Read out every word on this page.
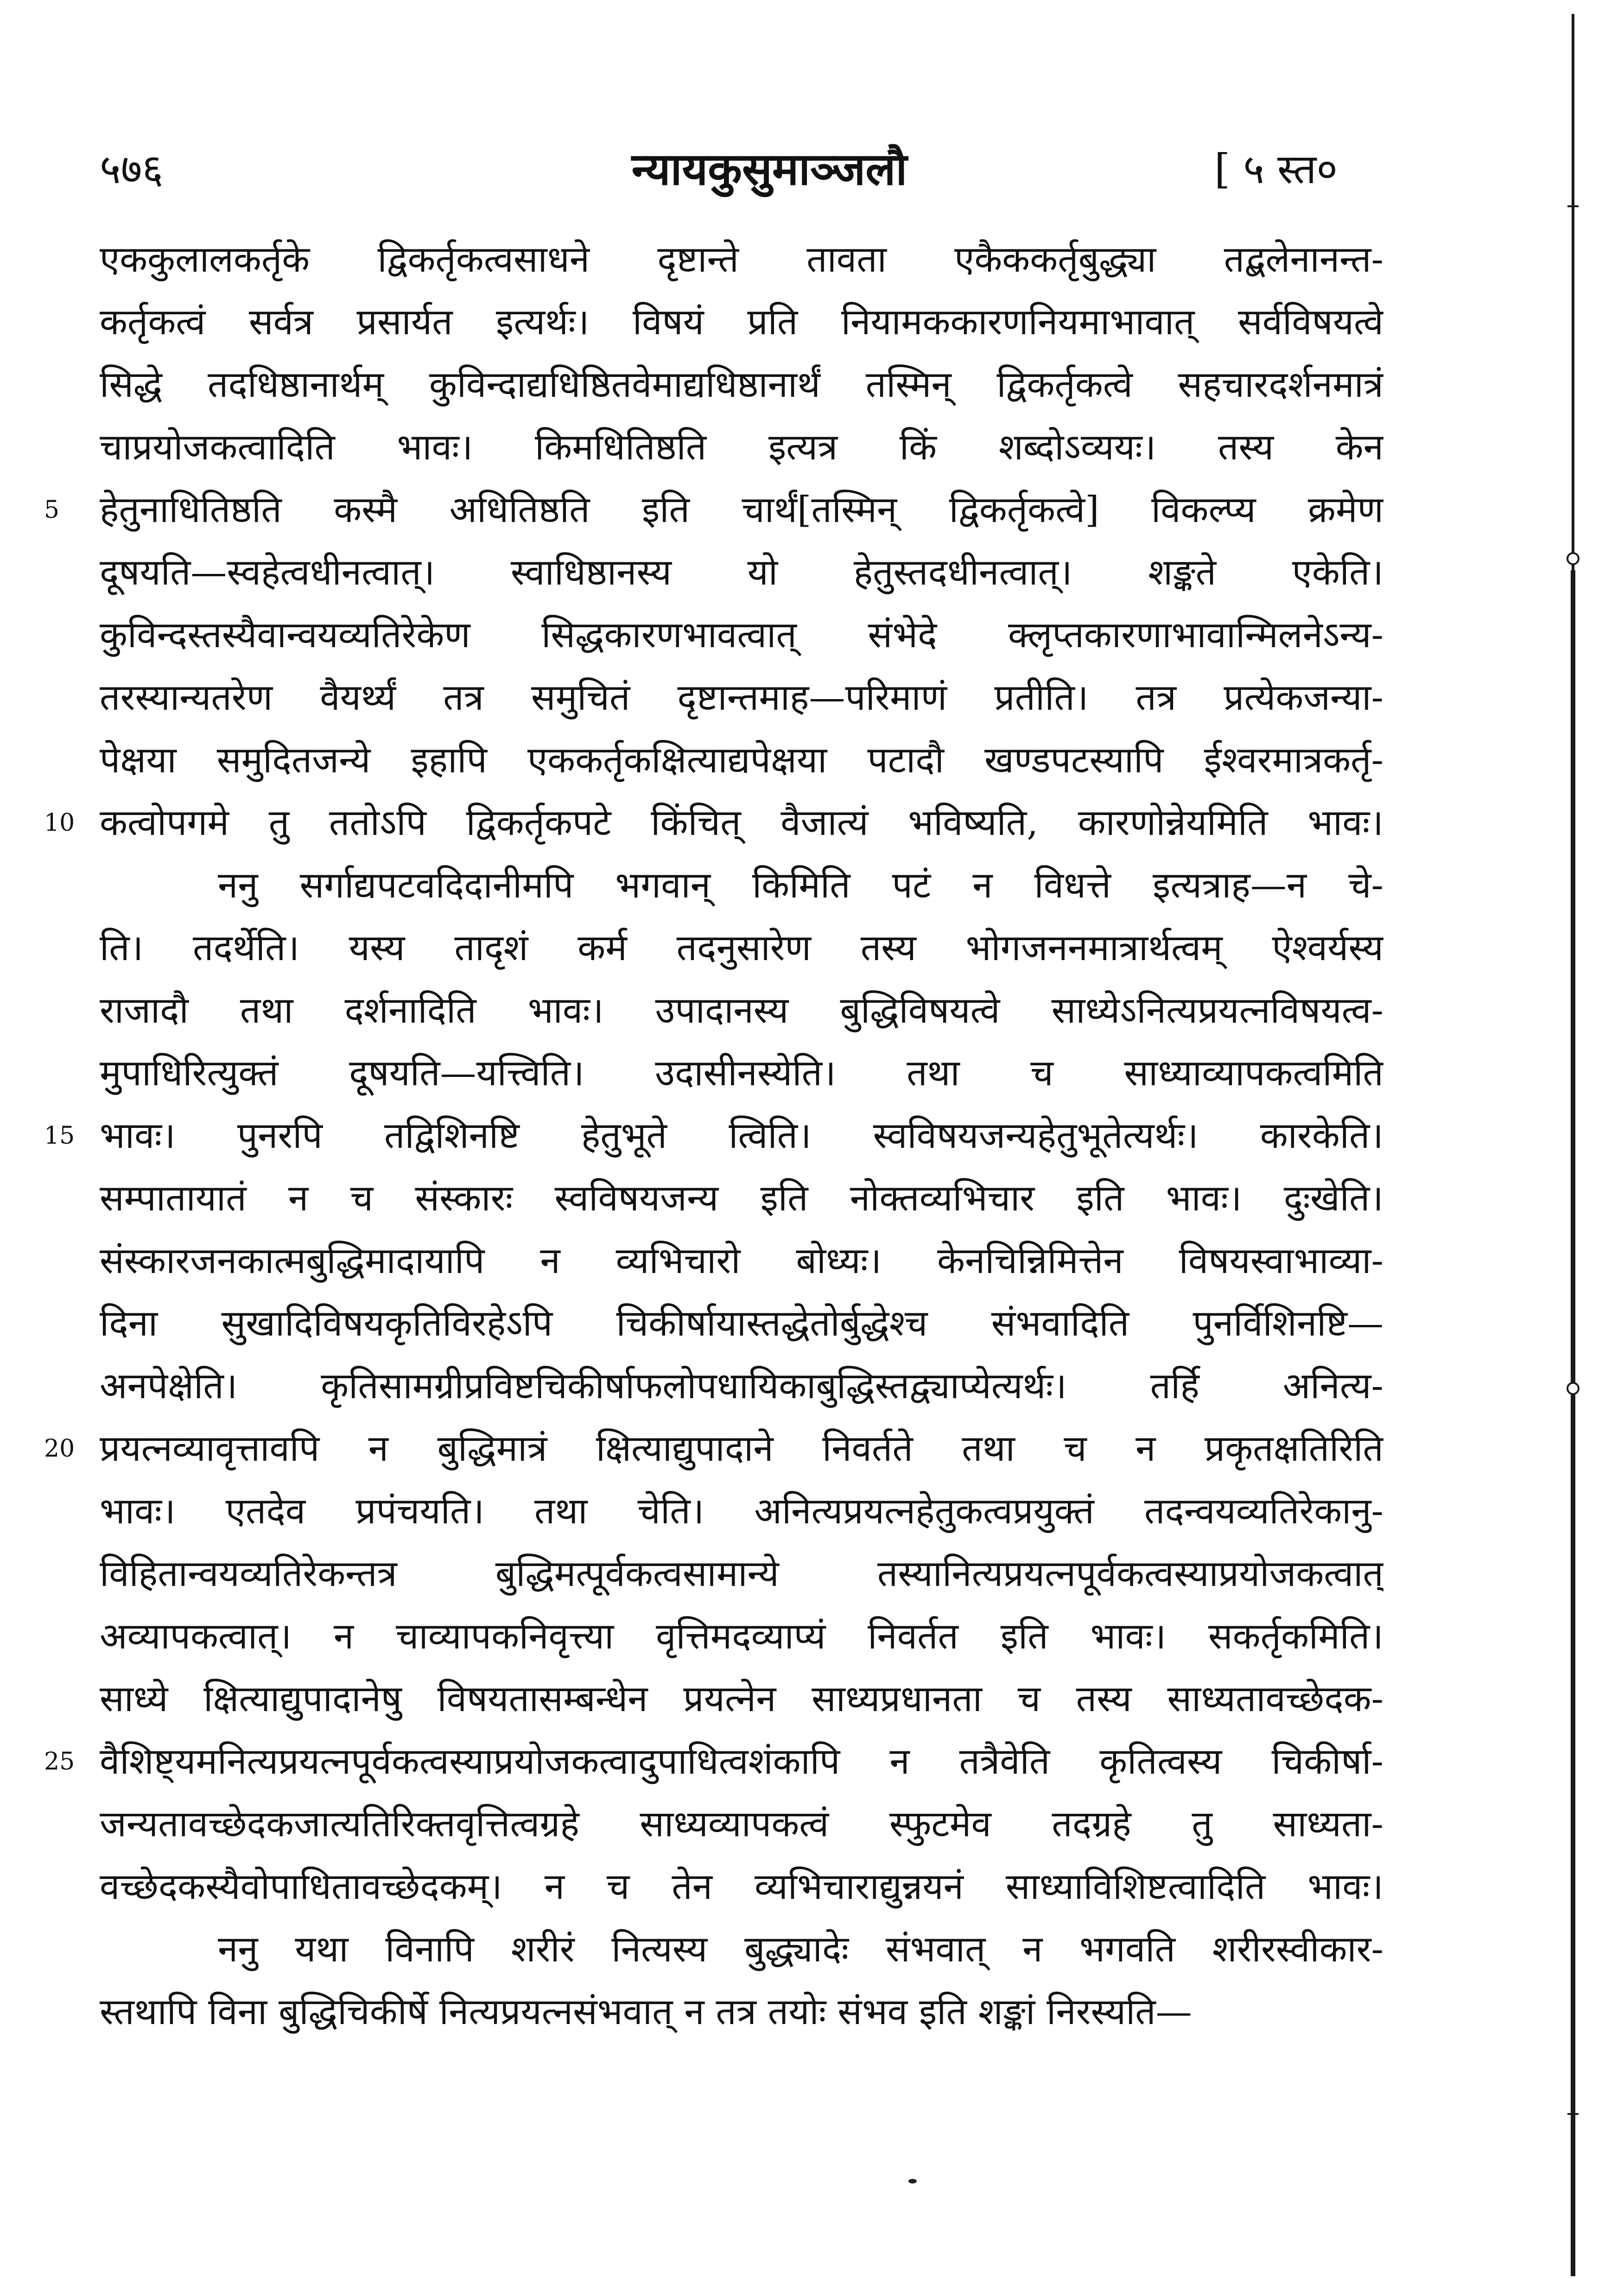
५७६	न्यायकुसुमाञ्जलौ	[ ५ स्त०
एककुलालकर्तृके द्विकर्तृकत्वसाधने दृष्टान्ते तावता एकैककर्तृबुद्ध्या तद्बलेनानन्त-
कर्तृकत्वं सर्वत्र प्रसार्यत इत्यर्थः। विषयं प्रति नियामककारणनियमाभावात् सर्वविषयत्वे
सिद्धे तदधिष्ठानार्थम् कुविन्दाद्यधिष्ठितवेमाद्यधिष्ठानार्थं तस्मिन् द्विकर्तृकत्वे सहचारदर्शनमात्रं
चाप्रयोजकत्वादिति भावः। किमधितिष्ठति इत्यत्र किं शब्दोऽव्ययः। तस्य केन
हेतुनाधितिष्ठति कस्मै अधितिष्ठति इति चार्थं[तस्मिन् द्विकर्तृकत्वे] विकल्प्य क्रमेण
दूषयति—स्वहेत्वधीनत्वात्। स्वाधिष्ठानस्य यो हेतुस्तदधीनत्वात्। शङ्कते एकेति।
कुविन्दस्तस्यैवान्वयव्यतिरेकेण सिद्धकारणभावत्वात् संभेदे क्लृप्तकारणाभावान्मिलनेऽन्य-
तरस्यान्यतरेण वैयर्थ्यं तत्र समुचितं दृष्टान्तमाह—परिमाणं प्रतीति। तत्र प्रत्येकजन्या-
पेक्षया समुदितजन्ये इहापि एककर्तृकक्षित्याद्यपेक्षया पटादौ खण्डपटस्यापि ईश्वरमात्रकर्तृ-
कत्वोपगमे तु ततोऽपि द्विकर्तृकपटे किंचित् वैजात्यं भविष्यति, कारणोन्नेयमिति भावः।
ननु सर्गाद्यपटवदिदानीमपि भगवान् किमिति पटं न विधत्ते इत्यत्राह—न चे-
ति। तदर्थेति। यस्य तादृशं कर्म तदनुसारेण तस्य भोगजननमात्रार्थत्वम् ऐश्वर्यस्य
राजादौ तथा दर्शनादिति भावः। उपादानस्य बुद्धिविषयत्वे साध्येऽनित्यप्रयत्नविषयत्व-
मुपाधिरित्युक्तं दूषयति—यत्त्विति। उदासीनस्येति। तथा च साध्याव्यापकत्वमिति
भावः। पुनरपि तद्विशिनष्टि हेतुभूते त्विति। स्वविषयजन्यहेतुभूतेत्यर्थः। कारकेति।
सम्पातायातं न च संस्कारः स्वविषयजन्य इति नोक्तव्यभिचार इति भावः। दुःखेति।
संस्कारजनकात्मबुद्धिमादायापि न व्यभिचारो बोध्यः। केनचिन्निमित्तेन विषयस्वाभाव्या-
दिना सुखादिविषयकृतिविरहेऽपि चिकीर्षायास्तद्धेतोर्बुद्धेश्च संभवादिति पुनर्विशिनष्टि—
अनपेक्षेति। कृतिसामग्रीप्रविष्टचिकीर्षाफलोपधायिकाबुद्धिस्तद्व्याप्येत्यर्थः। तर्हि अनित्य-
प्रयत्नव्यावृत्तावपि न बुद्धिमात्रं क्षित्याद्युपादाने निवर्तते तथा च न प्रकृतक्षतिरिति
भावः। एतदेव प्रपंचयति। तथा चेति। अनित्यप्रयत्नहेतुकत्वप्रयुक्तं तदन्वयव्यतिरेकानु-
विहितान्वयव्यतिरेकन्तत्र बुद्धिमत्पूर्वकत्वसामान्ये तस्यानित्यप्रयत्नपूर्वकत्वस्याप्रयोजकत्वात्
अव्यापकत्वात्। न चाव्यापकनिवृत्त्या वृत्तिमदव्याप्यं निवर्तत इति भावः। सकर्तृकमिति।
साध्ये क्षित्याद्युपादानेषु विषयतासम्बन्धेन प्रयत्नेन साध्यप्रधानता च तस्य साध्यतावच्छेदक-
वैशिष्ट्यमनित्यप्रयत्नपूर्वकत्वस्याप्रयोजकत्वादुपाधित्वशंकापि न तत्रैवेति कृतित्वस्य चिकीर्षा-
जन्यतावच्छेदकजात्यतिरिक्तवृत्तित्वग्रहे साध्यव्यापकत्वं स्फुटमेव तदग्रहे तु साध्यता-
वच्छेदकस्यैवोपाधितावच्छेदकम्। न च तेन व्यभिचाराद्युन्नयनं साध्याविशिष्टत्वादिति भावः।
ननु यथा विनापि शरीरं नित्यस्य बुद्ध्यादेः संभवात् न भगवति शरीरस्वीकार-
स्तथापि विना बुद्धिचिकीर्षे नित्यप्रयत्नसंभवात् न तत्र तयोः संभव इति शङ्कां निरस्यति—
5
10
15
20
25
